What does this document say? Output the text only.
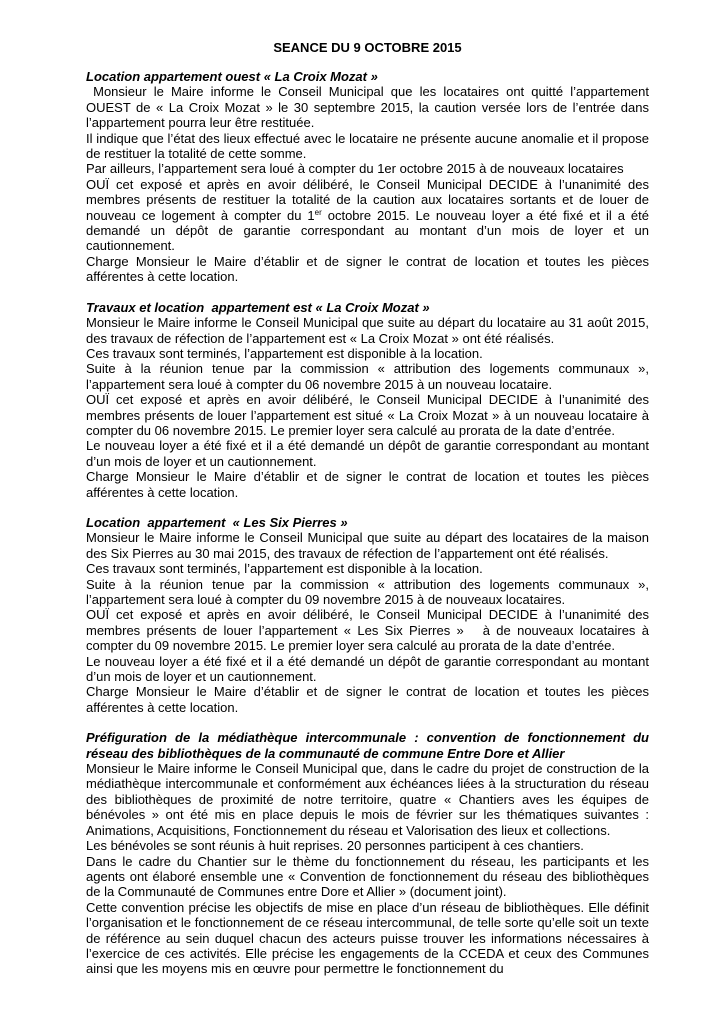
SEANCE DU 9 OCTOBRE 2015

Location appartement ouest « La Croix Mozat »

Monsieur le Maire informe le Conseil Municipal que les locataires ont quitté l’appartement OUEST de « La Croix Mozat » le 30 septembre 2015, la caution versée lors de l’entrée dans l’appartement pourra leur être restituée.

Il indique que l’état des lieux effectué avec le locataire ne présente aucune anomalie et il propose de restituer la totalité de cette somme.

Par ailleurs, l’appartement sera loué à compter du 1er octobre 2015 à de nouveaux locataires

OUÏ cet exposé et après en avoir délibéré, le Conseil Municipal DECIDE à l’unanimité des membres présents de restituer la totalité de la caution aux locataires sortants et de louer de nouveau ce logement à compter du 1er octobre 2015. Le nouveau loyer a été fixé et il a été demandé un dépôt de garantie correspondant au montant d’un mois de loyer et un cautionnement.

Charge Monsieur le Maire d’établir et de signer le contrat de location et toutes les pièces afférentes à cette location.

Travaux et location  appartement est « La Croix Mozat »

Monsieur le Maire informe le Conseil Municipal que suite au départ du locataire au 31 août 2015, des travaux de réfection de l’appartement est « La Croix Mozat » ont été réalisés.

Ces travaux sont terminés, l’appartement est disponible à la location.

Suite à la réunion tenue par la commission « attribution des logements communaux », l’appartement sera loué à compter du 06 novembre 2015 à un nouveau locataire.

OUÏ cet exposé et après en avoir délibéré, le Conseil Municipal DECIDE à l’unanimité des membres présents de louer l’appartement est situé « La Croix Mozat » à un nouveau locataire à compter du 06 novembre 2015. Le premier loyer sera calculé au prorata de la date d’entrée.

Le nouveau loyer a été fixé et il a été demandé un dépôt de garantie correspondant au montant d’un mois de loyer et un cautionnement.

Charge Monsieur le Maire d’établir et de signer le contrat de location et toutes les pièces afférentes à cette location.

Location  appartement  « Les Six Pierres »

Monsieur le Maire informe le Conseil Municipal que suite au départ des locataires de la maison des Six Pierres au 30 mai 2015, des travaux de réfection de l’appartement ont été réalisés.

Ces travaux sont terminés, l’appartement est disponible à la location.

Suite à la réunion tenue par la commission « attribution des logements communaux », l’appartement sera loué à compter du 09 novembre 2015 à de nouveaux locataires.

OUÏ cet exposé et après en avoir délibéré, le Conseil Municipal DECIDE à l’unanimité des membres présents de louer l’appartement « Les Six Pierres »   à de nouveaux locataires à compter du 09 novembre 2015. Le premier loyer sera calculé au prorata de la date d’entrée.

Le nouveau loyer a été fixé et il a été demandé un dépôt de garantie correspondant au montant d’un mois de loyer et un cautionnement.

Charge Monsieur le Maire d’établir et de signer le contrat de location et toutes les pièces afférentes à cette location.

Préfiguration de la médiathèque intercommunale : convention de fonctionnement du réseau des bibliothèques de la communauté de commune Entre Dore et Allier

Monsieur le Maire informe le Conseil Municipal que, dans le cadre du projet de construction de la médiathèque intercommunale et conformément aux échéances liées à la structuration du réseau des bibliothèques de proximité de notre territoire, quatre « Chantiers aves les équipes de bénévoles » ont été mis en place depuis le mois de février sur les thématiques suivantes : Animations, Acquisitions, Fonctionnement du réseau et Valorisation des lieux et collections.

Les bénévoles se sont réunis à huit reprises. 20 personnes participent à ces chantiers.

Dans le cadre du Chantier sur le thème du fonctionnement du réseau, les participants et les agents ont élaboré ensemble une « Convention de fonctionnement du réseau des bibliothèques de la Communauté de Communes entre Dore et Allier » (document joint).

Cette convention précise les objectifs de mise en place d’un réseau de bibliothèques. Elle définit l’organisation et le fonctionnement de ce réseau intercommunal, de telle sorte qu’elle soit un texte de référence au sein duquel chacun des acteurs puisse trouver les informations nécessaires à l’exercice de ces activités. Elle précise les engagements de la CCEDA et ceux des Communes ainsi que les moyens mis en œuvre pour permettre le fonctionnement du
